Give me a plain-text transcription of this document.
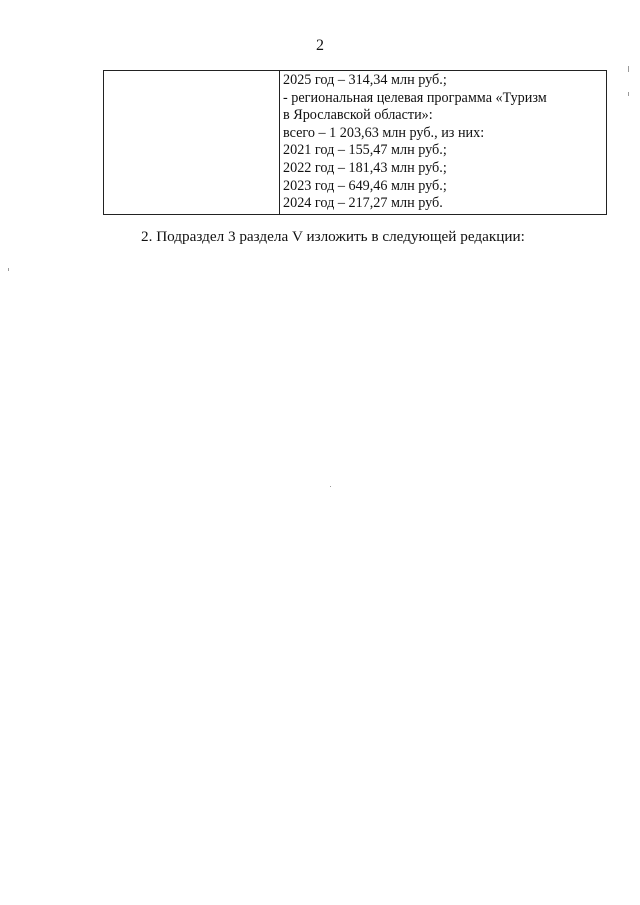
2

2025 год – 314,34 млн руб.;
- региональная целевая программа «Туризм
в Ярославской области»:
всего – 1 203,63 млн руб., из них:
2021 год – 155,47 млн руб.;
2022 год – 181,43 млн руб.;
2023 год – 649,46 млн руб.;
2024 год – 217,27 млн руб.
2. Подраздел 3 раздела V изложить в следующей редакции:
